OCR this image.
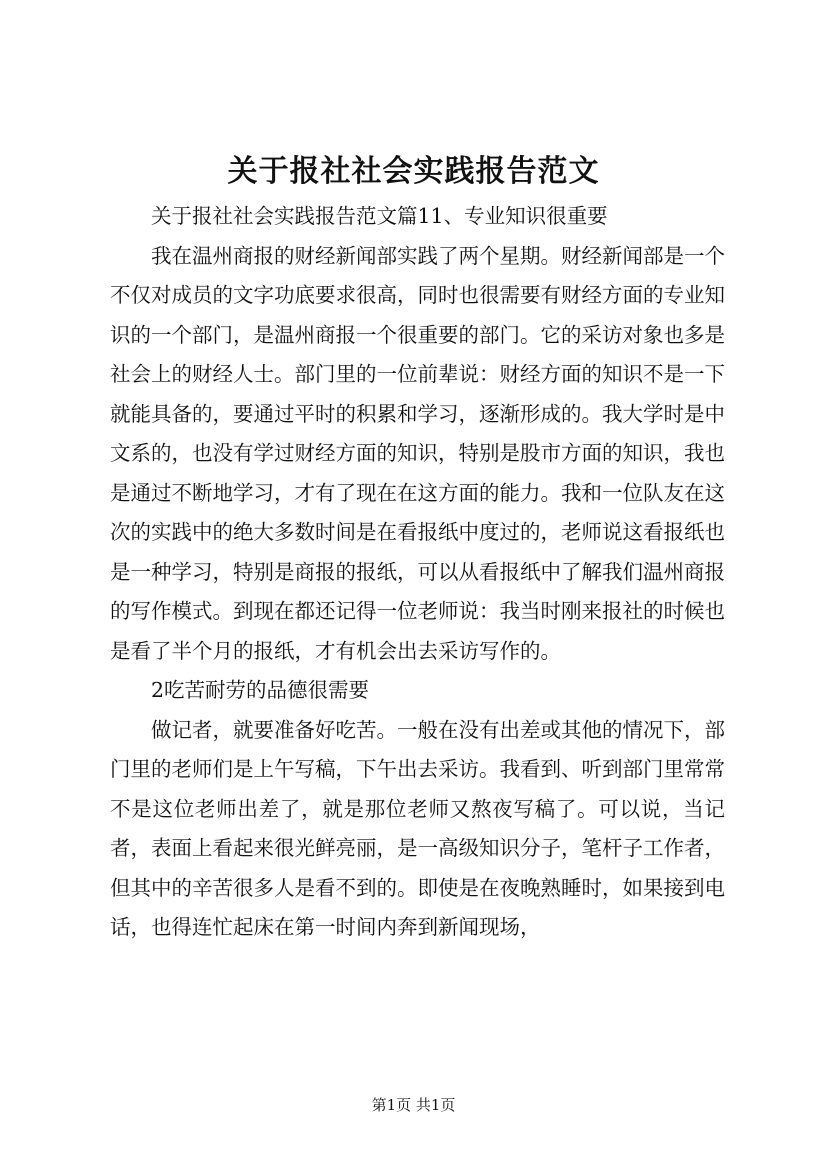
关于报社社会实践报告范文

关于报社社会实践报告范文篇11、专业知识很重要

我在温州商报的财经新闻部实践了两个星期。财经新闻部是一个不仅对成员的文字功底要求很高，同时也很需要有财经方面的专业知识的一个部门，是温州商报一个很重要的部门。它的采访对象也多是社会上的财经人士。部门里的一位前辈说：财经方面的知识不是一下就能具备的，要通过平时的积累和学习，逐渐形成的。我大学时是中文系的，也没有学过财经方面的知识，特别是股市方面的知识，我也是通过不断地学习，才有了现在在这方面的能力。我和一位队友在这次的实践中的绝大多数时间是在看报纸中度过的，老师说这看报纸也是一种学习，特别是商报的报纸，可以从看报纸中了解我们温州商报的写作模式。到现在都还记得一位老师说：我当时刚来报社的时候也是看了半个月的报纸，才有机会出去采访写作的。

2吃苦耐劳的品德很需要

做记者，就要准备好吃苦。一般在没有出差或其他的情况下，部门里的老师们是上午写稿，下午出去采访。我看到、听到部门里常常不是这位老师出差了，就是那位老师又熬夜写稿了。可以说，当记者，表面上看起来很光鲜亮丽，是一高级知识分子，笔杆子工作者，但其中的辛苦很多人是看不到的。即使是在夜晚熟睡时，如果接到电话，也得连忙起床在第一时间内奔到新闻现场，

第1页 共1页
